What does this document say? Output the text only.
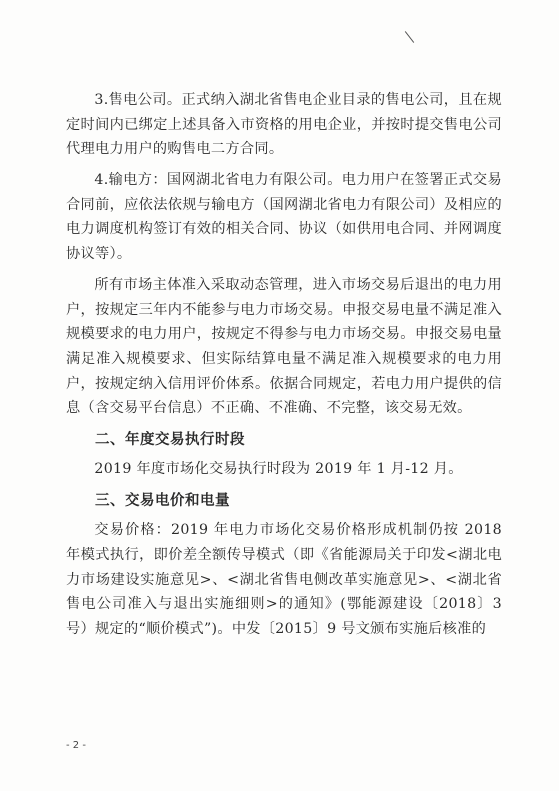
3.售电公司。正式纳入湖北省售电企业目录的售电公司，且在规定时间内已绑定上述具备入市资格的用电企业，并按时提交售电公司代理电力用户的购售电二方合同。

4.输电方：国网湖北省电力有限公司。电力用户在签署正式交易合同前，应依法依规与输电方（国网湖北省电力有限公司）及相应的电力调度机构签订有效的相关合同、协议（如供用电合同、并网调度协议等）。

所有市场主体准入采取动态管理，进入市场交易后退出的电力用户，按规定三年内不能参与电力市场交易。申报交易电量不满足准入规模要求的电力用户，按规定不得参与电力市场交易。申报交易电量满足准入规模要求、但实际结算电量不满足准入规模要求的电力用户，按规定纳入信用评价体系。依据合同规定，若电力用户提供的信息（含交易平台信息）不正确、不准确、不完整，该交易无效。

二、年度交易执行时段

2019 年度市场化交易执行时段为 2019 年 1 月-12 月。

三、交易电价和电量

交易价格：2019 年电力市场化交易价格形成机制仍按 2018 年模式执行，即价差全额传导模式（即《省能源局关于印发<湖北电力市场建设实施意见>、<湖北省售电侧改革实施意见>、<湖北省售电公司准入与退出实施细则>的通知》(鄂能源建设〔2018〕3 号）规定的“顺价模式”)。中发〔2015〕9 号文颁布实施后核准的

- 2 -
